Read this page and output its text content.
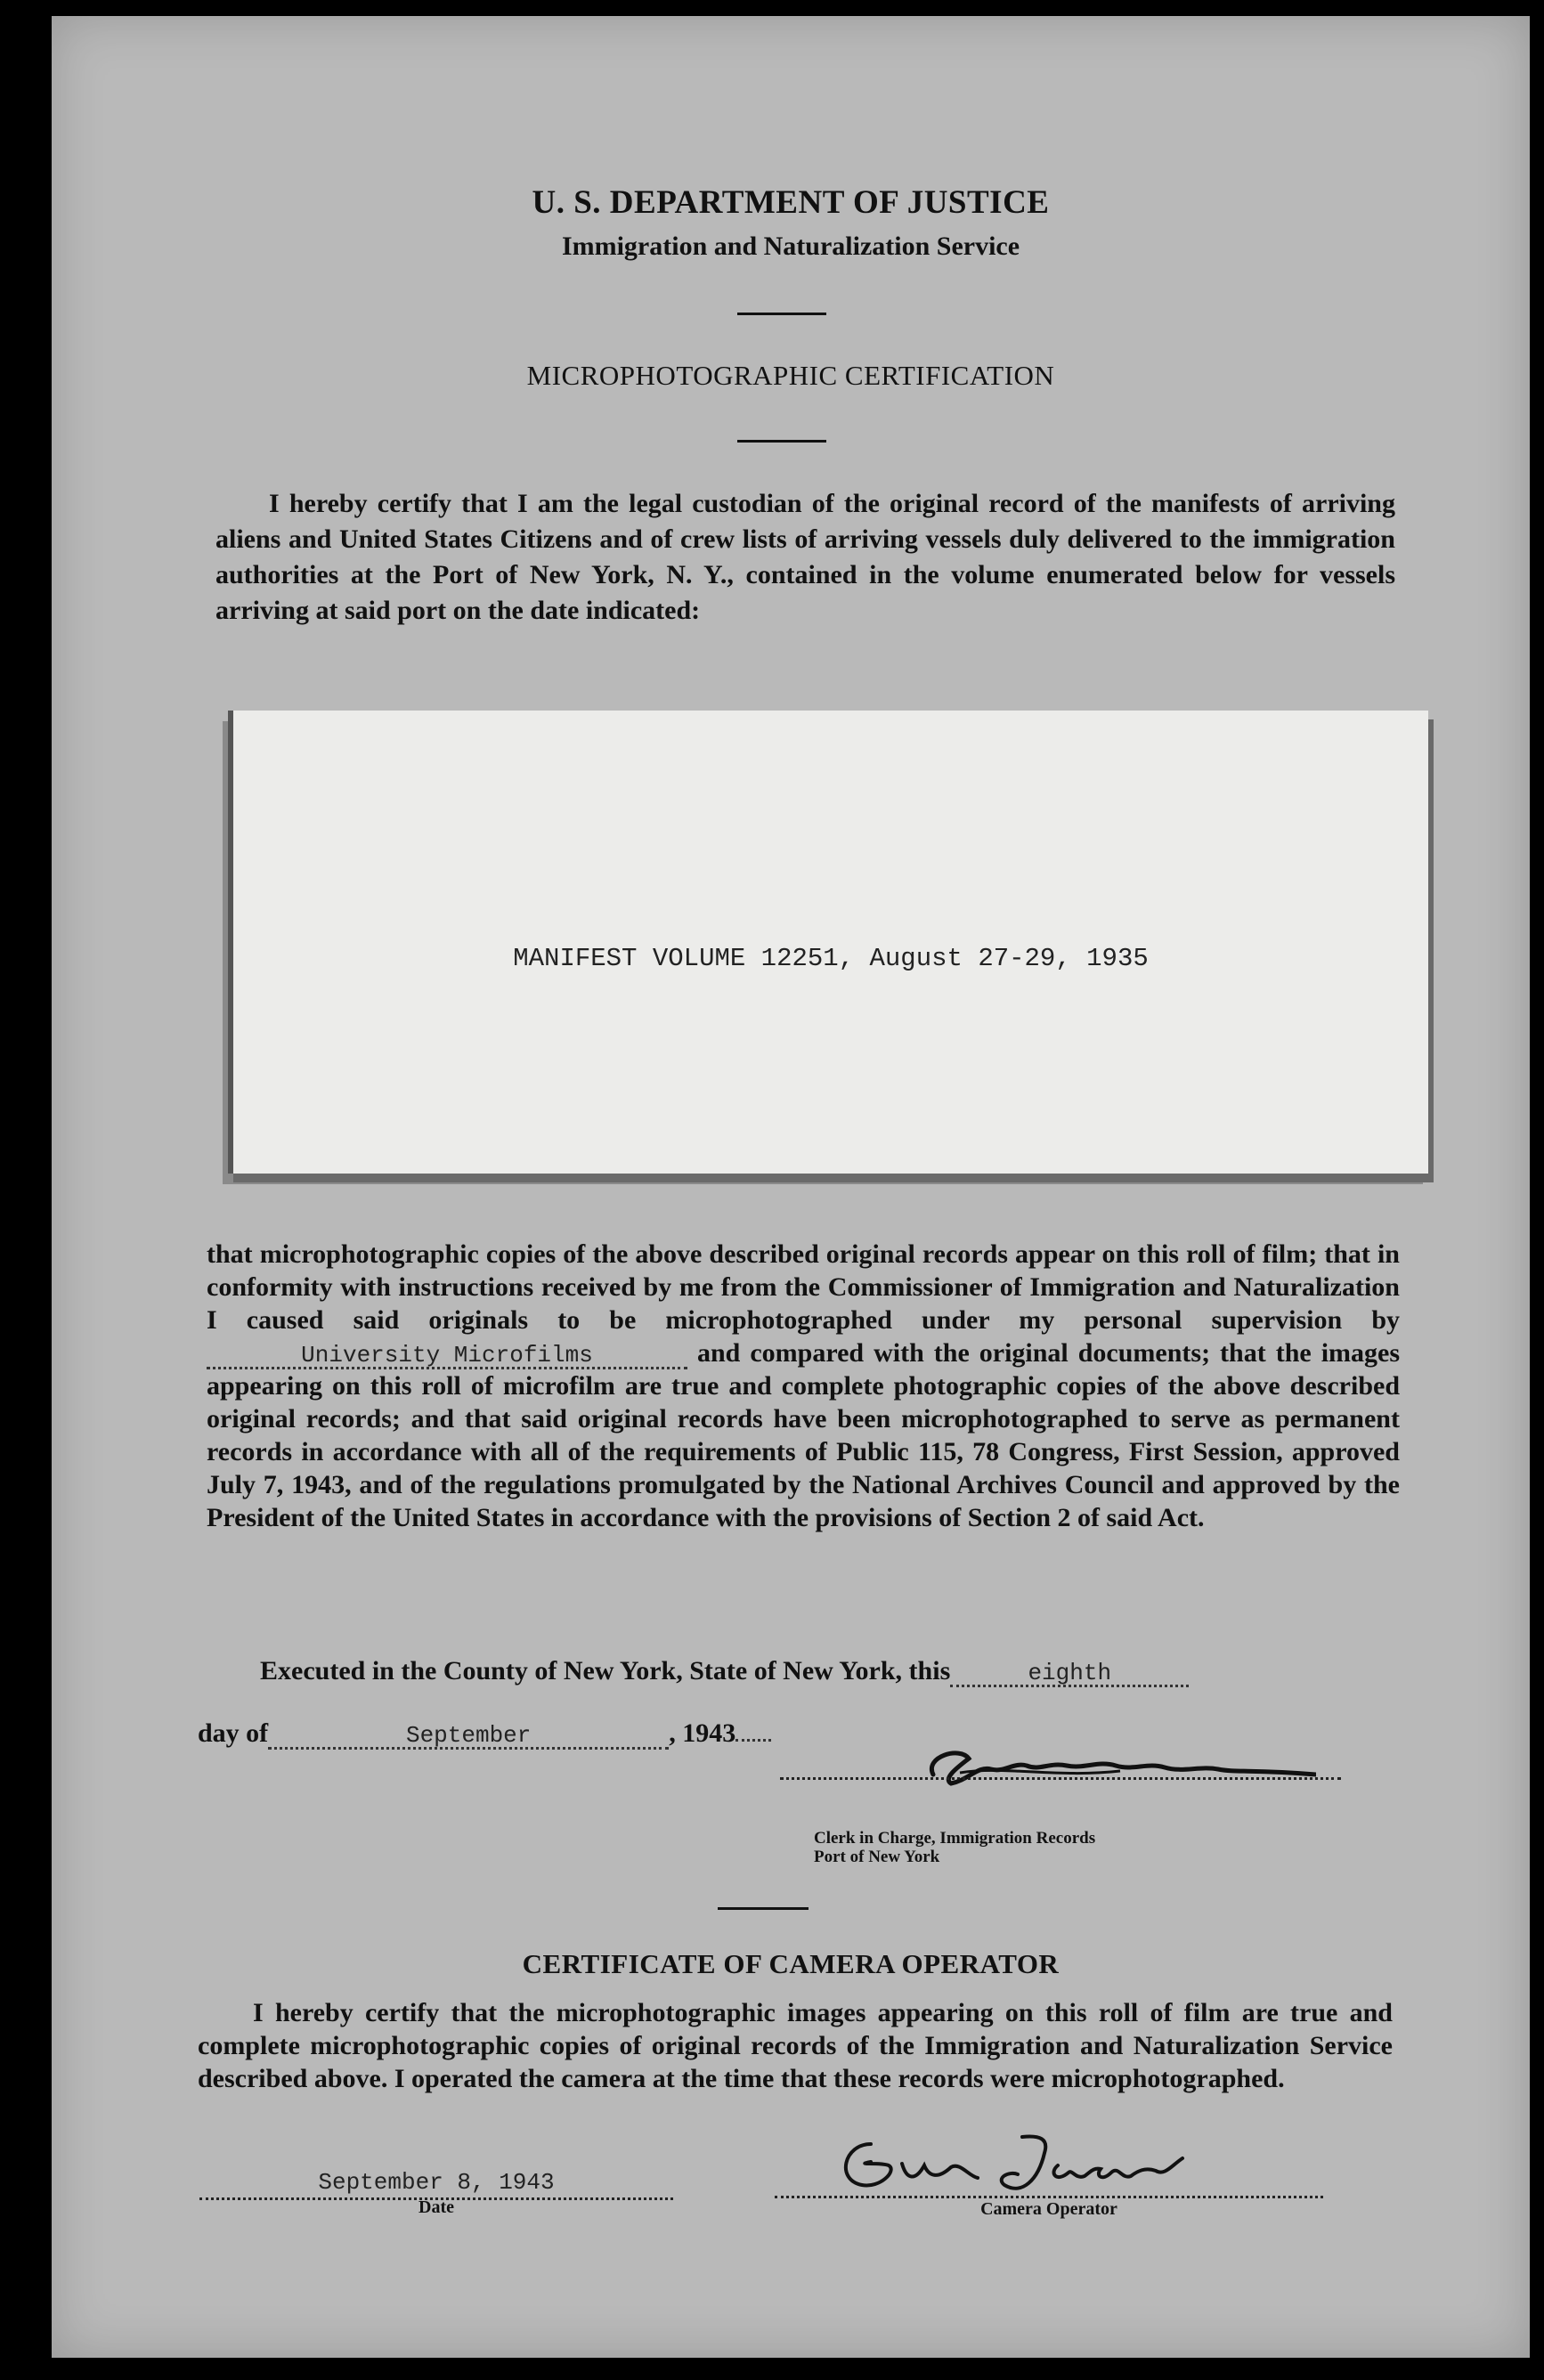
U. S. DEPARTMENT OF JUSTICE
Immigration and Naturalization Service
MICROPHOTOGRAPHIC CERTIFICATION
I hereby certify that I am the legal custodian of the original record of the manifests of arriving aliens and United States Citizens and of crew lists of arriving vessels duly delivered to the immigration authorities at the Port of New York, N. Y., contained in the volume enumerated below for vessels arriving at said port on the date indicated:
MANIFEST VOLUME 12251, August 27-29, 1935
that microphotographic copies of the above described original records appear on this roll of film; that in conformity with instructions received by me from the Commissioner of Immigration and Naturalization I caused said originals to be microphotographed under my personal supervision byUniversity Microfilms	and compared with the original documents; that the images appearing on this roll of microfilm are true and complete photographic copies of the above described original records; and that said original records have been microphotographed to serve as permanent records in accordance with all of the requirements of Public 115, 78 Congress, First Session, approved July 7, 1943, and of the regulations promulgated by the National Archives Council and approved by the President of the United States in accordance with the provisions of Section 2 of said Act.
Executed in the County of New York, State of New York, this	eighth
day of	September	, 1943
Clerk in Charge, Immigration Records
Port of New York
CERTIFICATE OF CAMERA OPERATOR
I hereby certify that the microphotographic images appearing on this roll of film are true and complete microphotographic copies of original records of the Immigration and Naturalization Service described above. I operated the camera at the time that these records were microphotographed.
September 8, 1943
Date	Camera Operator
